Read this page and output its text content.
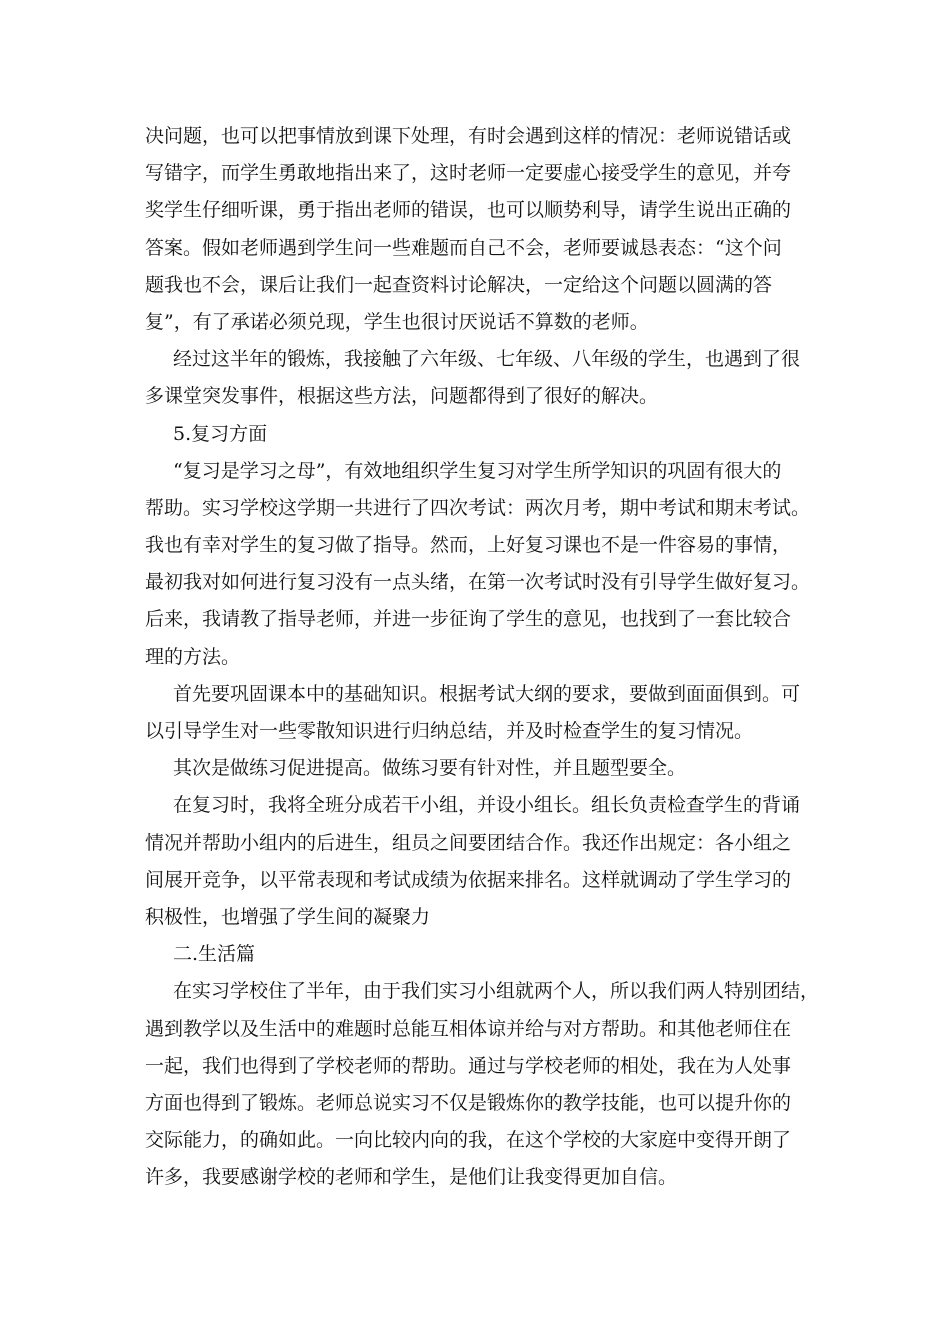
决问题，也可以把事情放到课下处理，有时会遇到这样的情况：老师说错话或
写错字，而学生勇敢地指出来了，这时老师一定要虚心接受学生的意见，并夸
奖学生仔细听课，勇于指出老师的错误，也可以顺势利导，请学生说出正确的
答案。假如老师遇到学生问一些难题而自己不会，老师要诚恳表态：“这个问
题我也不会，课后让我们一起查资料讨论解决，一定给这个问题以圆满的答
复”，有了承诺必须兑现，学生也很讨厌说话不算数的老师。
经过这半年的锻炼，我接触了六年级、七年级、八年级的学生，也遇到了很
多课堂突发事件，根据这些方法，问题都得到了很好的解决。
5.复习方面
“复习是学习之母”，有效地组织学生复习对学生所学知识的巩固有很大的
帮助。实习学校这学期一共进行了四次考试：两次月考，期中考试和期末考试。
我也有幸对学生的复习做了指导。然而，上好复习课也不是一件容易的事情，
最初我对如何进行复习没有一点头绪，在第一次考试时没有引导学生做好复习。
后来，我请教了指导老师，并进一步征询了学生的意见，也找到了一套比较合
理的方法。
首先要巩固课本中的基础知识。根据考试大纲的要求，要做到面面俱到。可
以引导学生对一些零散知识进行归纳总结，并及时检查学生的复习情况。
其次是做练习促进提高。做练习要有针对性，并且题型要全。
在复习时，我将全班分成若干小组，并设小组长。组长负责检查学生的背诵
情况并帮助小组内的后进生，组员之间要团结合作。我还作出规定：各小组之
间展开竞争，以平常表现和考试成绩为依据来排名。这样就调动了学生学习的
积极性，也增强了学生间的凝聚力
二.生活篇
在实习学校住了半年，由于我们实习小组就两个人，所以我们两人特别团结，
遇到教学以及生活中的难题时总能互相体谅并给与对方帮助。和其他老师住在
一起，我们也得到了学校老师的帮助。通过与学校老师的相处，我在为人处事
方面也得到了锻炼。老师总说实习不仅是锻炼你的教学技能，也可以提升你的
交际能力，的确如此。一向比较内向的我，在这个学校的大家庭中变得开朗了
许多，我要感谢学校的老师和学生，是他们让我变得更加自信。
